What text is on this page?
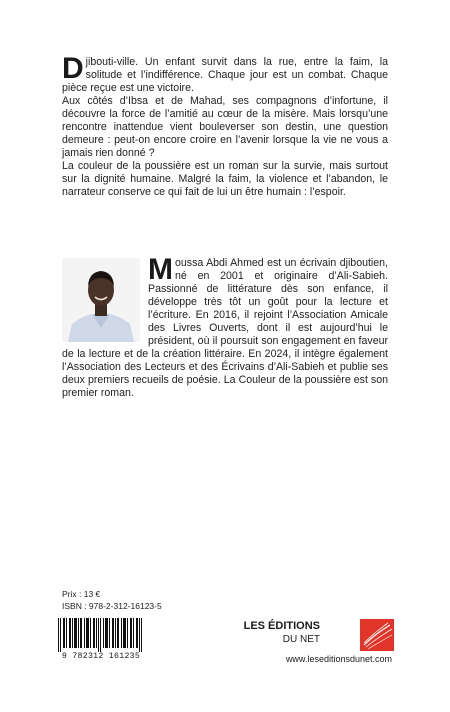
Djibouti-ville. Un enfant survit dans la rue, entre la faim, la solitude et l’indifférence. Chaque jour est un combat. Chaque pièce reçue est une victoire.

Aux côtés d’Ibsa et de Mahad, ses compagnons d’infortune, il découvre la force de l’amitié au cœur de la misère. Mais lorsqu’une rencontre inattendue vient bouleverser son destin, une question demeure : peut-on encore croire en l’avenir lorsque la vie ne vous a jamais rien donné ?

La couleur de la poussière est un roman sur la survie, mais surtout sur la dignité humaine. Malgré la faim, la violence et l’abandon, le narrateur conserve ce qui fait de lui un être humain : l’espoir.

Moussa Abdi Ahmed est un écrivain djiboutien, né en 2001 et originaire d’Ali-Sabieh. Passionné de littérature dès son enfance, il développe très tôt un goût pour la lecture et l’écriture. En 2016, il rejoint l’Association Amicale des Livres Ouverts, dont il est aujourd’hui le président, où il poursuit son engagement en faveur de la lecture et de la création littéraire. En 2024, il intègre également l’Association des Lecteurs et des Écrivains d’Ali-Sabieh et publie ses deux premiers recueils de poésie. La Couleur de la poussière est son premier roman.
Prix : 13 €
ISBN : 978-2-312-16123-5
9 782312 161235
LES ÉDITIONS
DU NET
www.leseditionsdunet.com
